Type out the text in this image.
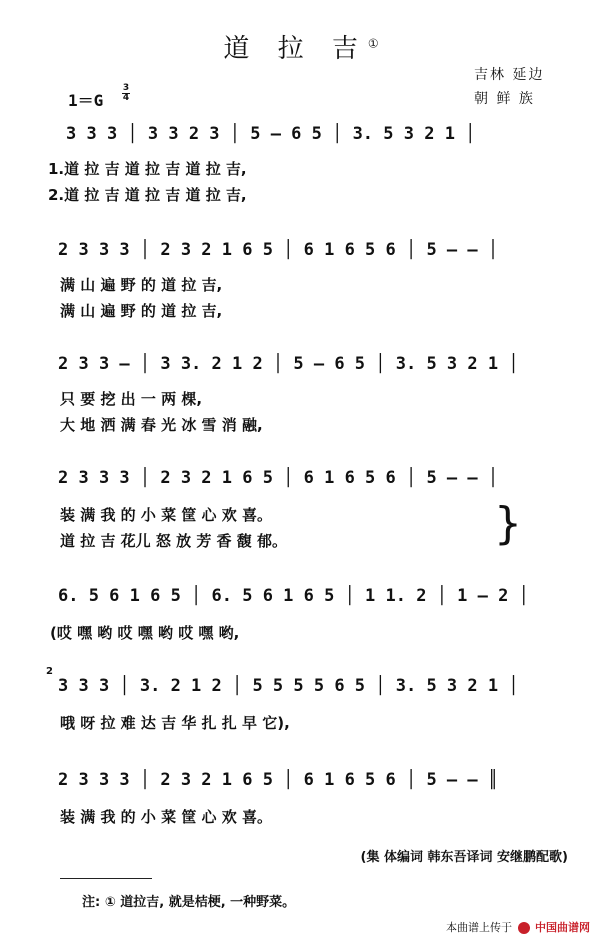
道 拉 吉①
吉林 延边
朝 鲜 族
1＝G
3
4
3 3 3 │ 3 3 2 3 │ 5 – 6 5 │ 3. 5 3 2 1 │
1.道 拉 吉 道 拉 吉 道 拉 吉,
2.道 拉 吉 道 拉 吉 道 拉 吉,
2 3 3 3 │ 2 3 2 1 6 5 │ 6 1 6 5 6 │ 5 – – │
满 山 遍 野 的 道 拉 吉,
满 山 遍 野 的 道 拉 吉,
2 3 3 – │ 3 3. 2 1 2 │ 5 – 6 5 │ 3. 5 3 2 1 │
只 要 挖 出 一 两 棵,
大 地 洒 满 春 光 冰 雪 消 融,
2 3 3 3 │ 2 3 2 1 6 5 │ 6 1 6 5 6 │ 5 – – │
装 满 我 的 小 菜 筐 心 欢 喜。
道 拉 吉 花儿 怒 放 芳 香 馥 郁。	}
6. 5 6 1 6 5 │ 6. 5 6 1 6 5 │ 1 1. 2 │ 1 – 2 │
(哎 嘿 哟 哎 嘿 哟 哎 嘿 哟,
2
3 3 3 │ 3. 2 1 2 │ 5 5 5 5 6 5 │ 3. 5 3 2 1 │
哦 呀 拉 难 达 吉 华 扎 扎 早 它),
2 3 3 3 │ 2 3 2 1 6 5 │ 6 1 6 5 6 │ 5 – – ║
装 满 我 的 小 菜 筐 心 欢 喜。
(集 体编词 韩东吾译词 安继鹏配歌)
注: ① 道拉吉, 就是桔梗, 一种野菜。
本曲谱上传于 中国曲谱网
